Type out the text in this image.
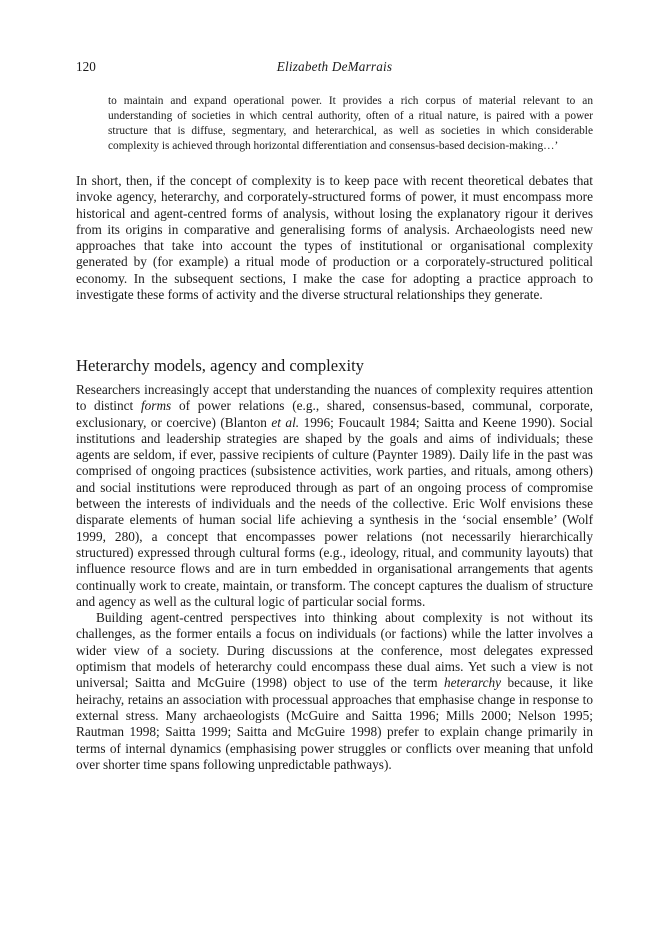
120	Elizabeth DeMarrais

to maintain and expand operational power. It provides a rich corpus of material relevant to an understanding of societies in which central authority, often of a ritual nature, is paired with a power structure that is diffuse, segmentary, and heterarchical, as well as societies in which considerable complexity is achieved through horizontal differentiation and consensus-based decision-making…’

In short, then, if the concept of complexity is to keep pace with recent theoretical debates that invoke agency, heterarchy, and corporately-structured forms of power, it must encompass more historical and agent-centred forms of analysis, without losing the explanatory rigour it derives from its origins in comparative and generalising forms of analysis. Archaeologists need new approaches that take into account the types of institutional or organisational complexity generated by (for example) a ritual mode of production or a corporately-structured political economy. In the subsequent sections, I make the case for adopting a practice approach to investigate these forms of activity and the diverse structural relationships they generate.

Heterarchy models, agency and complexity

Researchers increasingly accept that understanding the nuances of complexity requires attention to distinct forms of power relations (e.g., shared, consensus-based, communal, corporate, exclusionary, or coercive) (Blanton et al. 1996; Foucault 1984; Saitta and Keene 1990). Social institutions and leadership strategies are shaped by the goals and aims of individuals; these agents are seldom, if ever, passive recipients of culture (Paynter 1989). Daily life in the past was comprised of ongoing practices (subsistence activities, work parties, and rituals, among others) and social institutions were reproduced through as part of an ongoing process of compromise between the interests of individuals and the needs of the collective. Eric Wolf envisions these disparate elements of human social life achieving a synthesis in the ‘social ensemble’ (Wolf 1999, 280), a concept that encompasses power relations (not necessarily hierarchically structured) expressed through cultural forms (e.g., ideology, ritual, and community layouts) that influence resource flows and are in turn embedded in organisational arrangements that agents continually work to create, maintain, or transform. The concept captures the dualism of structure and agency as well as the cultural logic of particular social forms.

Building agent-centred perspectives into thinking about complexity is not without its challenges, as the former entails a focus on individuals (or factions) while the latter involves a wider view of a society. During discussions at the conference, most delegates expressed optimism that models of heterarchy could encompass these dual aims. Yet such a view is not universal; Saitta and McGuire (1998) object to use of the term heterarchy because, it like heirachy, retains an association with processual approaches that emphasise change in response to external stress. Many archaeologists (McGuire and Saitta 1996; Mills 2000; Nelson 1995; Rautman 1998; Saitta 1999; Saitta and McGuire 1998) prefer to explain change primarily in terms of internal dynamics (emphasising power struggles or conflicts over meaning that unfold over shorter time spans following unpredictable pathways).
